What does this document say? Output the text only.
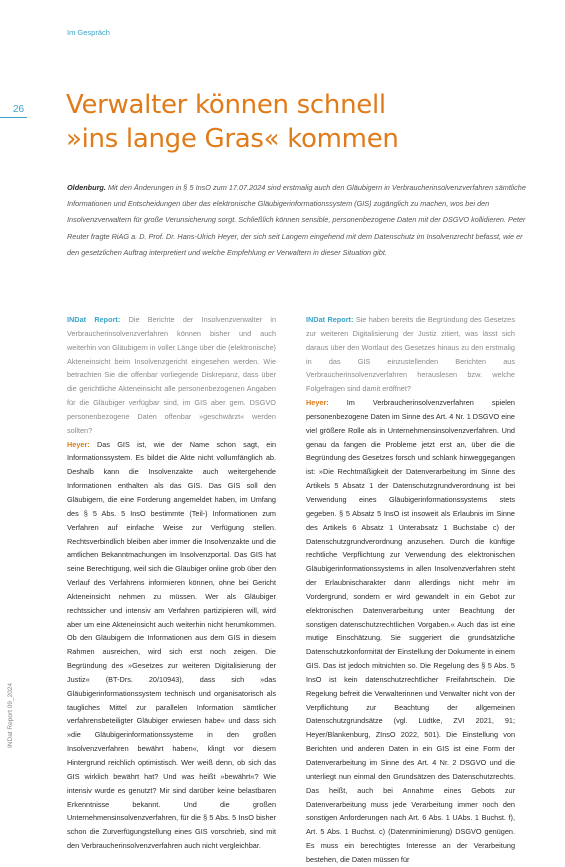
Im Gespräch
26 Verwalter können schnell
»ins lange Gras« kommen

Oldenburg. Mit den Änderungen in § 5 InsO zum 17.07.2024 sind erstmalig auch den Gläubigern in Verbraucherinsolvenzverfahren sämtliche Informationen und Entscheidungen über das elektronische Gläubigerinformationssystem (GIS) zugänglich zu machen, wos bei den Insolvenzverwaltern für große Verunsicherung sorgt. Schließlich können sensible, personenbezogene Daten mit der DSGVO kollidieren. Peter Reuter fragte RiAG a. D. Prof. Dr. Hans-Ulrich Heyer, der sich seit Langem eingehend mit dem Datenschutz im Insolvenzrecht befasst, wie er den gesetzlichen Auftrag interpretiert und welche Empfehlung er Verwaltern in dieser Situation gibt.

INDat Report: Die Berichte der Insolvenzverwalter in Verbraucherinsolvenzverfahren können bisher und auch weiterhin von Gläubigern in voller Länge über die (elektronische) Akteneinsicht beim Insolvenzgericht eingesehen werden. Wie betrachten Sie die offenbar vorliegende Diskrepanz, dass über die gerichtliche Akteneinsicht alle personenbezogenen Angaben für die Gläubiger verfügbar sind, im GIS aber gem. DSGVO personenbezogene Daten offenbar »geschwärzt« werden sollten?

Heyer: Das GIS ist, wie der Name schon sagt, ein Informationssystem. Es bildet die Akte nicht vollumfänglich ab. Deshalb kann die Insolvenzakte auch weitergehende Informationen enthalten als das GIS. Das GIS soll den Gläubigern, die eine Forderung angemeldet haben, im Umfang des § 5 Abs. 5 InsO bestimmte (Teil-) Informationen zum Verfahren auf einfache Weise zur Verfügung stellen. Rechtsverbindlich bleiben aber immer die Insolvenzakte und die amtlichen Bekanntmachungen im Insolvenzportal. Das GIS hat seine Berechtigung, weil sich die Gläubiger online grob über den Verlauf des Verfahrens informieren können, ohne bei Gericht Akteneinsicht nehmen zu müssen. Wer als Gläubiger rechtssicher und intensiv am Verfahren partizipieren will, wird aber um eine Akteneinsicht auch weiterhin nicht herumkommen. Ob den Gläubigern die Informationen aus dem GIS in diesem Rahmen ausreichen, wird sich erst noch zeigen. Die Begründung des »Gesetzes zur weiteren Digitalisierung der Justiz« (BT-Drs. 20/10943), dass sich »das Gläubigerinformationssystem technisch und organisatorisch als taugliches Mittel zur parallelen Information sämtlicher verfahrensbeteiligter Gläubiger erwiesen habe« und dass sich »die Gläubigerinformationssysteme in den großen Insolvenzverfahren bewährt haben«, klingt vor diesem Hintergrund reichlich optimistisch. Wer weiß denn, ob sich das GIS wirklich bewährt hat? Und was heißt »bewährt«? Wie intensiv wurde es genutzt? Mir sind darüber keine belastbaren Erkenntnisse bekannt. Und die großen Unternehmensinsolvenzverfahren, für die § 5 Abs. 5 InsO bisher schon die Zurverfügungstellung eines GIS vorschrieb, sind mit den Verbraucherinsolvenzverfahren auch nicht vergleichbar.

INDat Report: Sie haben bereits die Begründung des Gesetzes zur weiteren Digitalisierung der Justiz zitiert, was lässt sich daraus über den Wortlaut des Gesetzes hinaus zu den erstmalig in das GIS einzustellenden Berichten aus Verbraucherinsolvenzverfahren herauslesen bzw. welche Folgefragen sind damit eröffnet?

Heyer: Im Verbraucherinsolvenzverfahren spielen personenbezogene Daten im Sinne des Art. 4 Nr. 1 DSGVO eine viel größere Rolle als in Unternehmensinsolvenzverfahren. Und genau da fangen die Probleme jetzt erst an, über die die Begründung des Gesetzes forsch und schlank hinweggegangen ist: »Die Rechtmäßigkeit der Datenverarbeitung im Sinne des Artikels 5 Absatz 1 der Datenschutzgrundverordnung ist bei Verwendung eines Gläubigerinformationssystems stets gegeben. § 5 Absatz 5 InsO ist insoweit als Erlaubnis im Sinne des Artikels 6 Absatz 1 Unterabsatz 1 Buchstabe c) der Datenschutzgrundverordnung anzusehen. Durch die künftige rechtliche Verpflichtung zur Verwendung des elektronischen Gläubigerinformationssystems in allen Insolvenzverfahren steht der Erlaubnischarakter dann allerdings nicht mehr im Vordergrund, sondern er wird gewandelt in ein Gebot zur elektronischen Datenverarbeitung unter Beachtung der sonstigen datenschutzrechtlichen Vorgaben.« Auch das ist eine mutige Einschätzung. Sie suggeriert die grundsätzliche Datenschutzkonformität der Einstellung der Dokumente in einem GIS. Das ist jedoch mitnichten so. Die Regelung des § 5 Abs. 5 InsO ist kein datenschutzrechtlicher Freifahrtschein. Die Regelung befreit die Verwalterinnen und Verwalter nicht von der Verpflichtung zur Beachtung der allgemeinen Datenschutzgrundsätze (vgl. Lüdtke, ZVI 2021, 91; Heyer/Blankenburg, ZInsO 2022, 501). Die Einstellung von Berichten und anderen Daten in ein GIS ist eine Form der Datenverarbeitung im Sinne des Art. 4 Nr. 2 DSGVO und die unterliegt nun einmal den Grundsätzen des Datenschutzrechts. Das heißt, auch bei Annahme eines Gebots zur Datenverarbeitung muss jede Verarbeitung immer noch den sonstigen Anforderungen nach Art. 6 Abs. 1 UAbs. 1 Buchst. f), Art. 5 Abs. 1 Buchst. c) (Datenminimierung) DSGVO genügen. Es muss ein berechtigtes Interesse an der Verarbeitung bestehen, die Daten müssen für

INDat Report 09_2024
